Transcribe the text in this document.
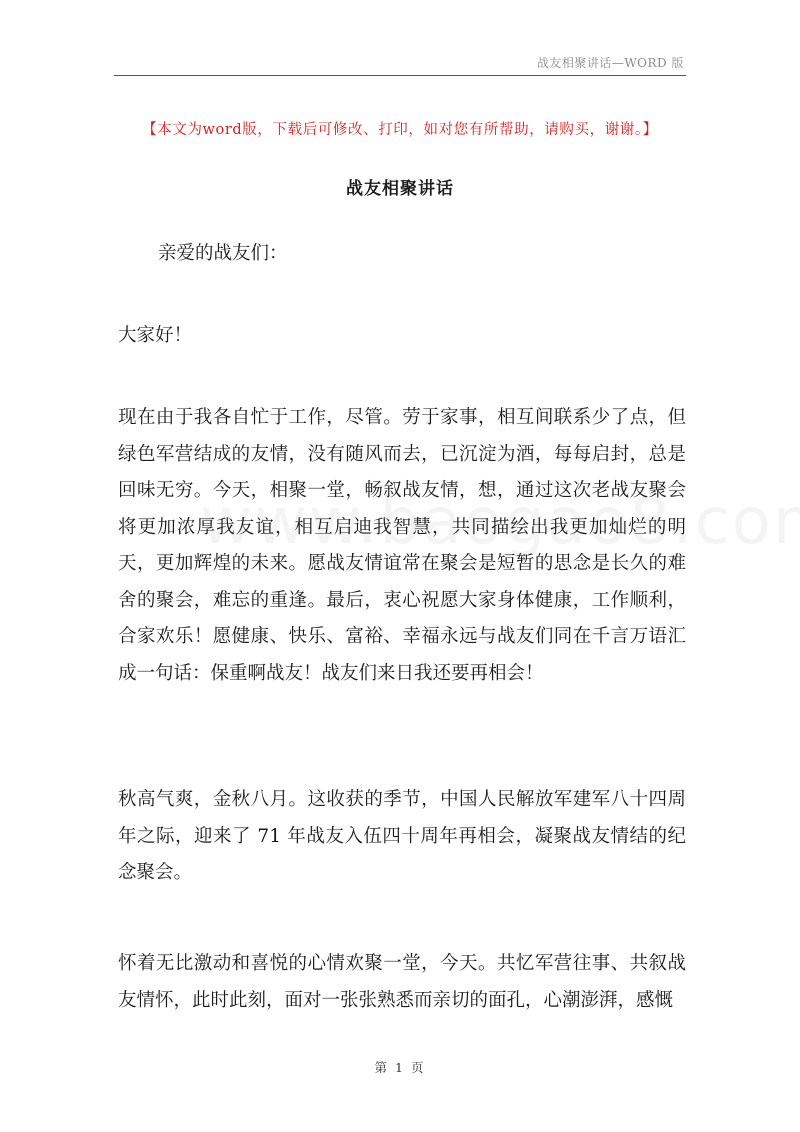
战友相聚讲话—WORD 版
【本文为word版，下载后可修改、打印，如对您有所帮助，请购买，谢谢。】
战友相聚讲话
亲爱的战友们：
大家好！
现在由于我各自忙于工作，尽管。劳于家事，相互间联系少了点，但绿色军营结成的友情，没有随风而去，已沉淀为酒，每每启封，总是回味无穷。今天，相聚一堂，畅叙战友情，想，通过这次老战友聚会将更加浓厚我友谊，相互启迪我智慧，共同描绘出我更加灿烂的明天，更加辉煌的未来。愿战友情谊常在聚会是短暂的思念是长久的难舍的聚会，难忘的重逢。最后，衷心祝愿大家身体健康，工作顺利，合家欢乐！愿健康、快乐、富裕、幸福永远与战友们同在千言万语汇成一句话：保重啊战友！战友们来日我还要再相会！
秋高气爽，金秋八月。这收获的季节，中国人民解放军建军八十四周年之际，迎来了 71 年战友入伍四十周年再相会，凝聚战友情结的纪念聚会。
怀着无比激动和喜悦的心情欢聚一堂，今天。共忆军营往事、共叙战友情怀，此时此刻，面对一张张熟悉而亲切的面孔，心潮澎湃，感慨
第 1 页
